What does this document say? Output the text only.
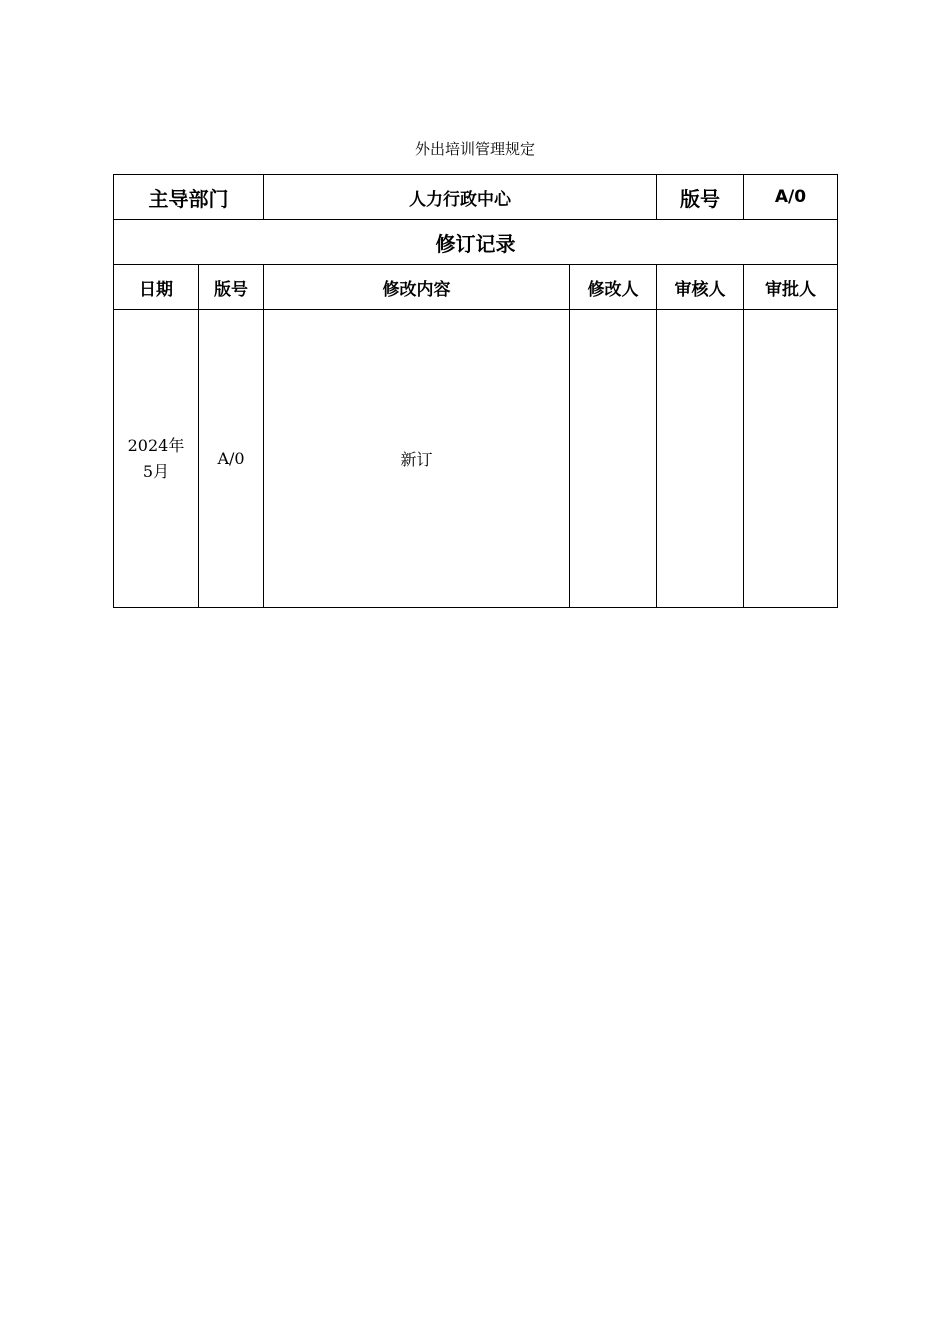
外出培训管理规定
主导部门		人力行政中心		版号	A/0
修订记录					
日期	版号	修改内容	修改人	审核人	审批人

2024年
5月	A/0	新订			
